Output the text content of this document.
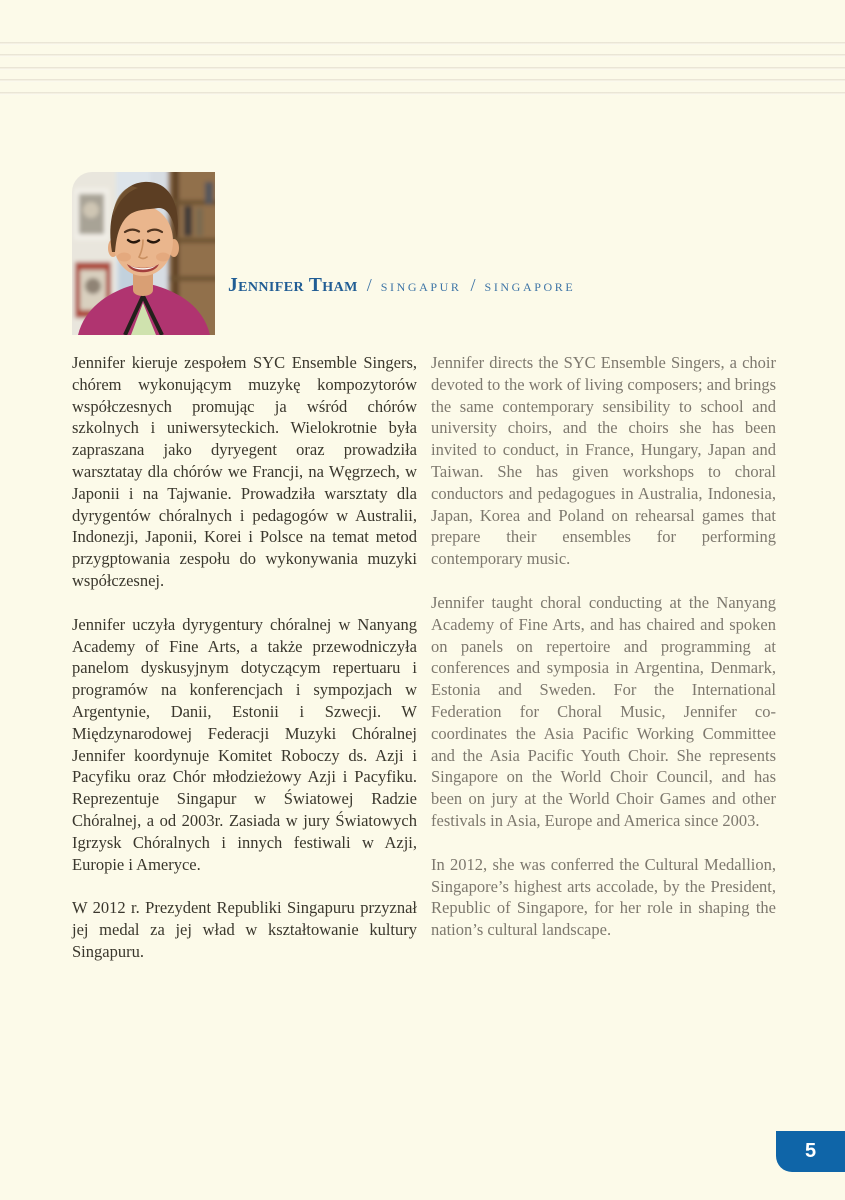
Jennifer Tham / singapur / singapore

Jennifer kieruje zespołem SYC Ensemble Singers, chórem wykonującym muzykę kompozytorów współczesnych promując ja wśród chórów szkolnych i uniwersyteckich. Wielokrotnie była zapraszana jako dyryegent oraz prowadziła warsztatay dla chórów we Francji, na Węgrzech, w Japonii i na Tajwanie. Prowadziła warsztaty dla dyrygentów chóralnych i pedagogów w Australii, Indonezji, Japonii, Korei i Polsce na temat metod przygptowania zespołu do wykonywania muzyki współczesnej.

Jennifer uczyła dyrygentury chóralnej w Nanyang Academy of Fine Arts, a także przewodniczyła panelom dyskusyjnym dotyczącym repertuaru i programów na konferencjach i sympozjach w Argentynie, Danii, Estonii i Szwecji. W Międzynarodowej Federacji Muzyki Chóralnej Jennifer koordynuje Komitet Roboczy ds. Azji i Pacyfiku oraz Chór młodzieżowy Azji i Pacyfiku. Reprezentuje Singapur w Światowej Radzie Chóralnej, a od 2003r. Zasiada w jury Światowych Igrzysk Chóralnych i innych festiwali w Azji, Europie i Ameryce.

W 2012 r. Prezydent Republiki Singapuru przyznał jej medal za jej wład w kształtowanie kultury Singapuru.

Jennifer directs the SYC Ensemble Singers, a choir devoted to the work of living composers; and brings the same contemporary sensibility to school and university choirs, and the choirs she has been invited to conduct, in France, Hungary, Japan and Taiwan. She has given workshops to choral conductors and pedagogues in Australia, Indonesia, Japan, Korea and Poland on rehearsal games that prepare their ensembles for performing contemporary music.

Jennifer taught choral conducting at the Nanyang Academy of Fine Arts, and has chaired and spoken on panels on repertoire and programming at conferences and symposia in Argentina, Denmark, Estonia and Sweden. For the International Federation for Choral Music, Jennifer co-coordinates the Asia Pacific Working Committee and the Asia Pacific Youth Choir. She represents Singapore on the World Choir Council, and has been on jury at the World Choir Games and other festivals in Asia, Europe and America since 2003.

In 2012, she was conferred the Cultural Medallion, Singapore’s highest arts accolade, by the President, Republic of Singapore, for her role in shaping the nation’s cultural landscape.

5
